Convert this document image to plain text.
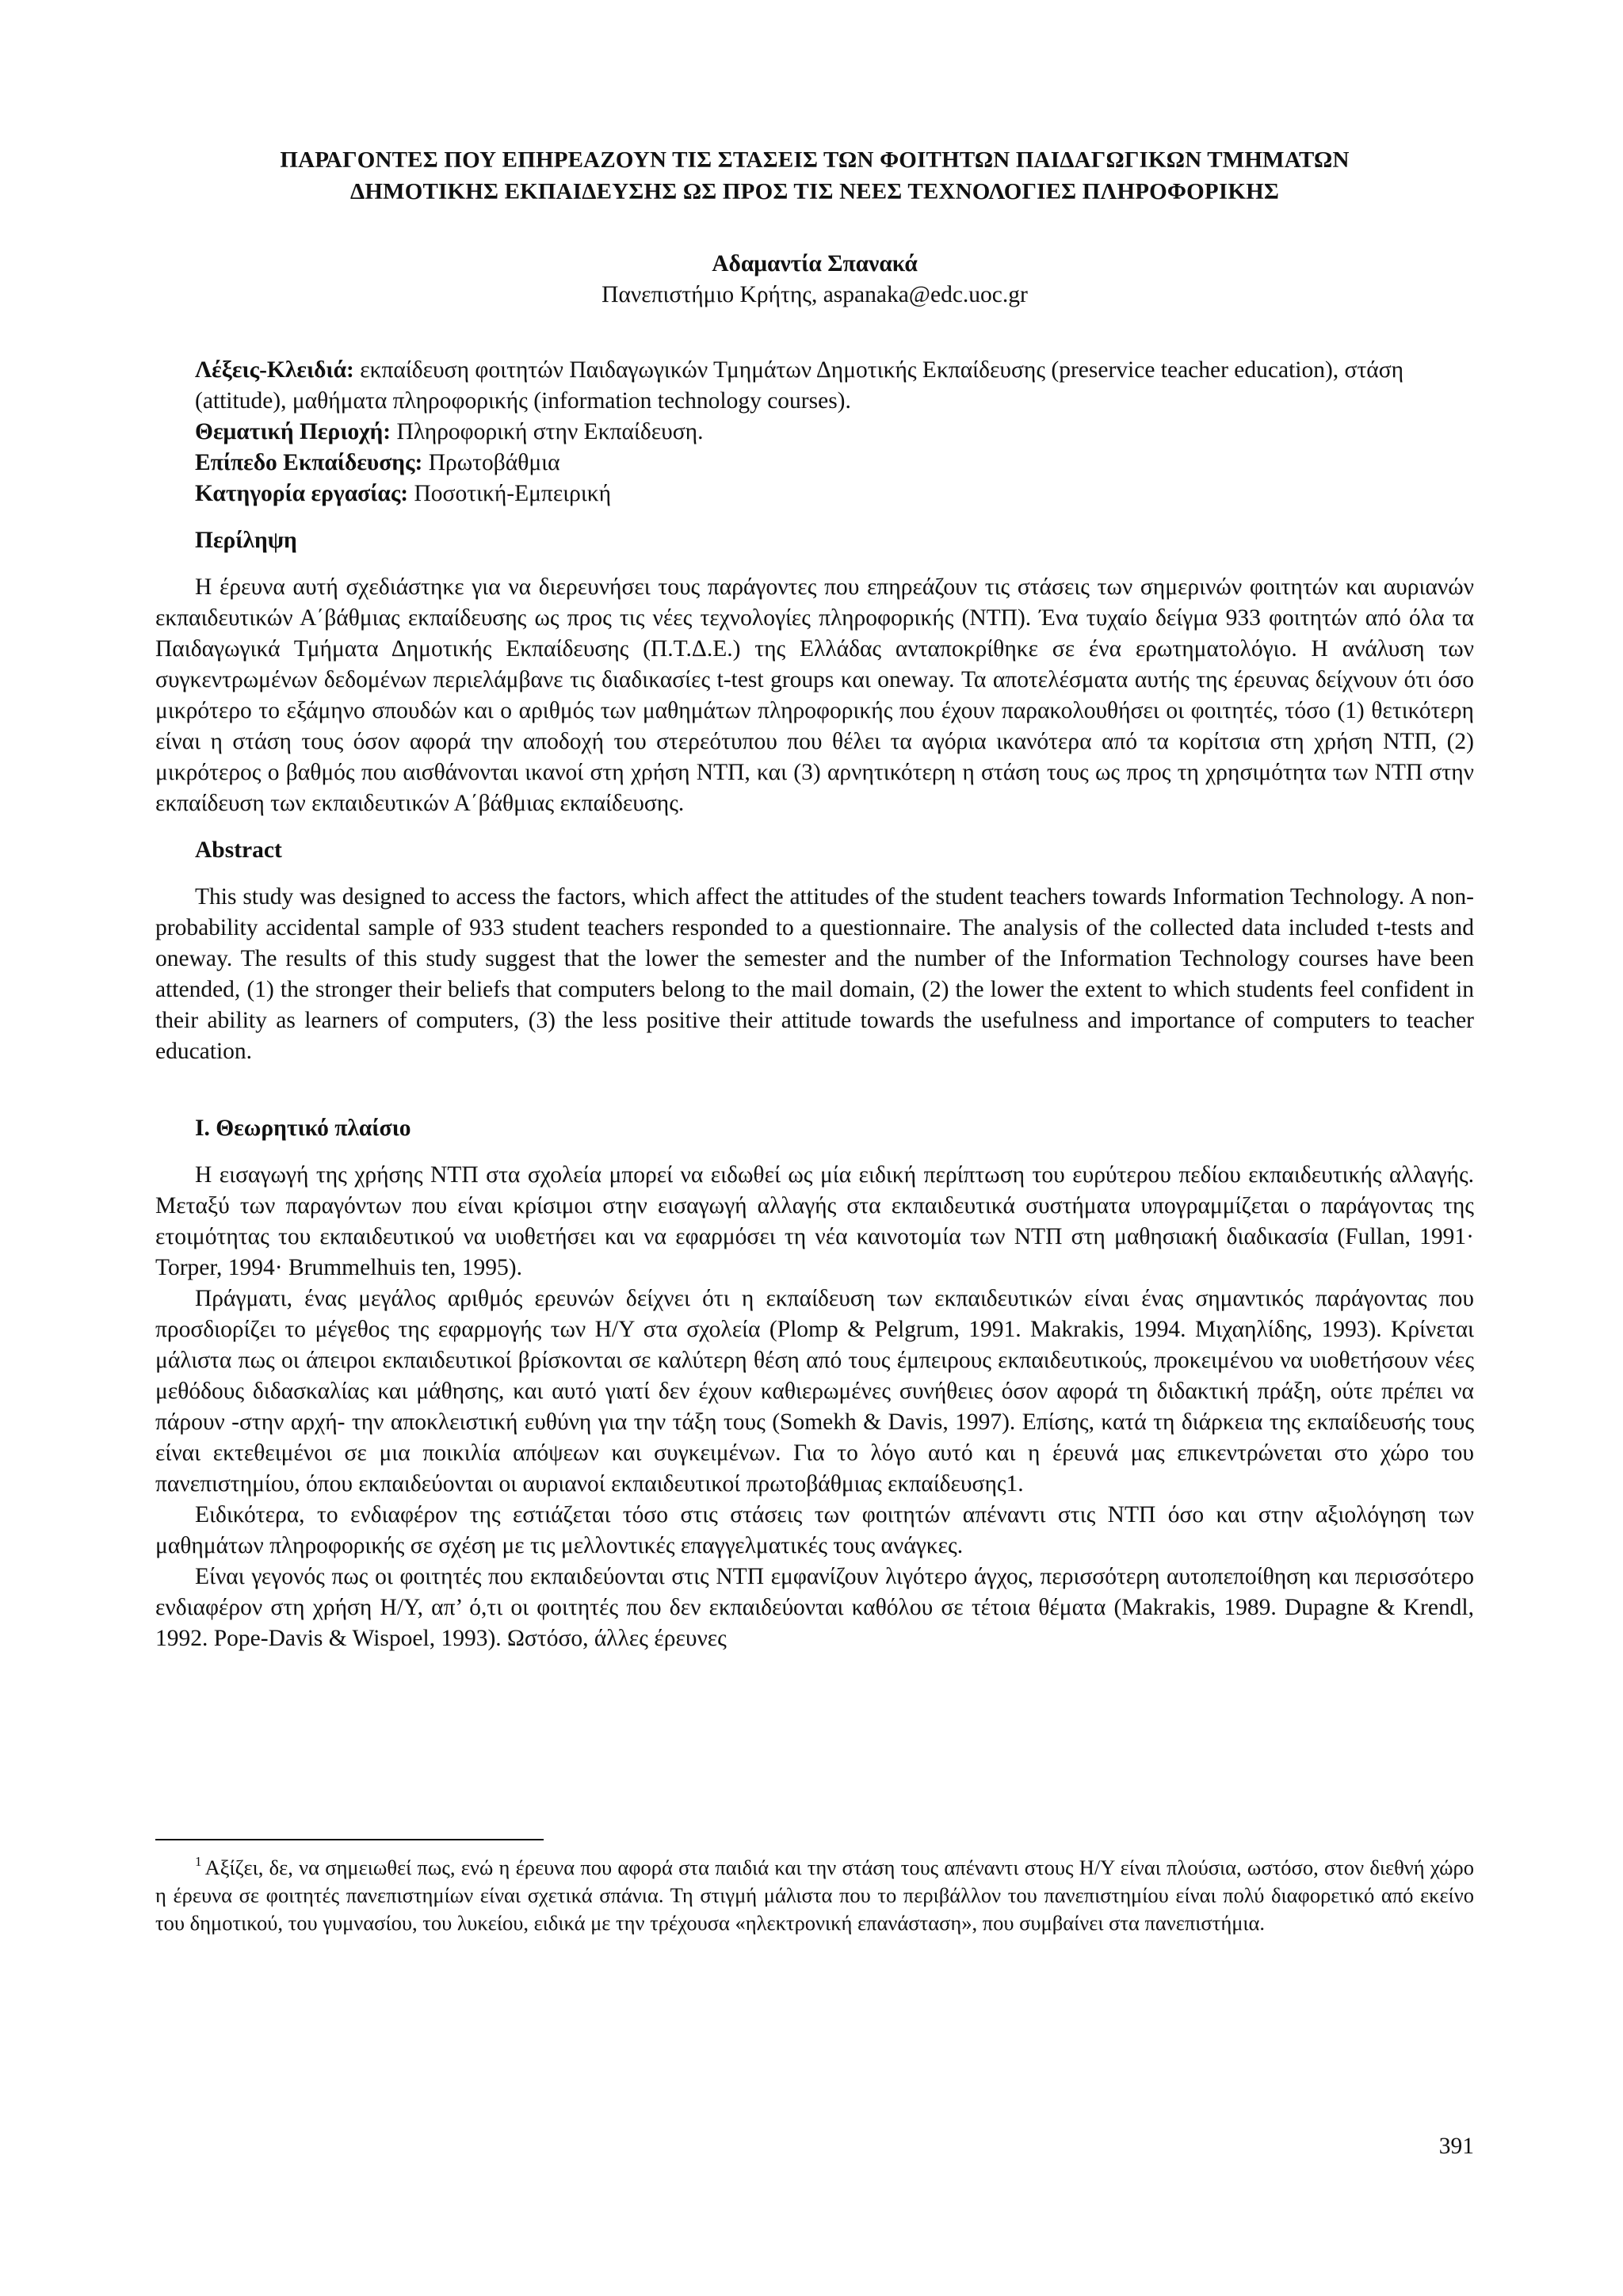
ΠΑΡΑΓΟΝΤΕΣ ΠΟΥ ΕΠΗΡΕΑΖΟΥΝ ΤΙΣ ΣΤΑΣΕΙΣ ΤΩΝ ΦΟΙΤΗΤΩΝ ΠΑΙΔΑΓΩΓΙΚΩΝ ΤΜΗΜΑΤΩΝ
ΔΗΜΟΤΙΚΗΣ ΕΚΠΑΙΔΕΥΣΗΣ ΩΣ ΠΡΟΣ ΤΙΣ ΝΕΕΣ ΤΕΧΝΟΛΟΓΙΕΣ ΠΛΗΡΟΦΟΡΙΚΗΣ
Αδαμαντία Σπανακά
Πανεπιστήμιο Κρήτης, aspanaka@edc.uoc.gr

Λέξεις-Κλειδιά: εκπαίδευση φοιτητών Παιδαγωγικών Τμημάτων Δημοτικής Εκπαίδευσης (preservice teacher education), στάση (attitude), μαθήματα πληροφορικής (information technology courses).

Θεματική Περιοχή: Πληροφορική στην Εκπαίδευση.

Επίπεδο Εκπαίδευσης: Πρωτοβάθμια

Κατηγορία εργασίας: Ποσοτική-Εμπειρική

Περίληψη

Η έρευνα αυτή σχεδιάστηκε για να διερευνήσει τους παράγοντες που επηρεάζουν τις στάσεις των σημερινών φοιτητών και αυριανών εκπαιδευτικών Α΄βάθμιας εκπαίδευσης ως προς τις νέες τεχνολογίες πληροφορικής (ΝΤΠ). Ένα τυχαίο δείγμα 933 φοιτητών από όλα τα Παιδαγωγικά Τμήματα Δημοτικής Εκπαίδευσης (Π.Τ.Δ.Ε.) της Ελλάδας ανταποκρίθηκε σε ένα ερωτηματολόγιο. Η ανάλυση των συγκεντρωμένων δεδομένων περιελάμβανε τις διαδικασίες t-test groups και oneway. Τα αποτελέσματα αυτής της έρευνας δείχνουν ότι όσο μικρότερο το εξάμηνο σπουδών και ο αριθμός των μαθημάτων πληροφορικής που έχουν παρακολουθήσει οι φοιτητές, τόσο (1) θετικότερη είναι η στάση τους όσον αφορά την αποδοχή του στερεότυπου που θέλει τα αγόρια ικανότερα από τα κορίτσια στη χρήση ΝΤΠ, (2) μικρότερος ο βαθμός που αισθάνονται ικανοί στη χρήση ΝΤΠ, και (3) αρνητικότερη η στάση τους ως προς τη χρησιμότητα των ΝΤΠ στην εκπαίδευση των εκπαιδευτικών Α΄βάθμιας εκπαίδευσης.

Abstract

This study was designed to access the factors, which affect the attitudes of the student teachers towards Information Technology. A non-probability accidental sample of 933 student teachers responded to a questionnaire. The analysis of the collected data included t-tests and oneway. The results of this study suggest that the lower the semester and the number of the Information Technology courses have been attended, (1) the stronger their beliefs that computers belong to the mail domain, (2) the lower the extent to which students feel confident in their ability as learners of computers, (3) the less positive their attitude towards the usefulness and importance of computers to teacher education.

Ι. Θεωρητικό πλαίσιο

Η εισαγωγή της χρήσης ΝΤΠ στα σχολεία μπορεί να ειδωθεί ως μία ειδική περίπτωση του ευρύτερου πεδίου εκπαιδευτικής αλλαγής. Μεταξύ των παραγόντων που είναι κρίσιμοι στην εισαγωγή αλλαγής στα εκπαιδευτικά συστήματα υπογραμμίζεται ο παράγοντας της ετοιμότητας του εκπαιδευτικού να υιοθετήσει και να εφαρμόσει τη νέα καινοτομία των ΝΤΠ στη μαθησιακή διαδικασία (Fullan, 1991· Torper, 1994· Brummelhuis ten, 1995).

Πράγματι, ένας μεγάλος αριθμός ερευνών δείχνει ότι η εκπαίδευση των εκπαιδευτικών είναι ένας σημαντικός παράγοντας που προσδιορίζει το μέγεθος της εφαρμογής των Η/Υ στα σχολεία (Plomp & Pelgrum, 1991. Makrakis, 1994. Μιχαηλίδης, 1993). Κρίνεται μάλιστα πως οι άπειροι εκπαιδευτικοί βρίσκονται σε καλύτερη θέση από τους έμπειρους εκπαιδευτικούς, προκειμένου να υιοθετήσουν νέες μεθόδους διδασκαλίας και μάθησης, και αυτό γιατί δεν έχουν καθιερωμένες συνήθειες όσον αφορά τη διδακτική πράξη, ούτε πρέπει να πάρουν -στην αρχή- την αποκλειστική ευθύνη για την τάξη τους (Somekh & Davis, 1997). Επίσης, κατά τη διάρκεια της εκπαίδευσής τους είναι εκτεθειμένοι σε μια ποικιλία απόψεων και συγκειμένων. Για το λόγο αυτό και η έρευνά μας επικεντρώνεται στο χώρο του πανεπιστημίου, όπου εκπαιδεύονται οι αυριανοί εκπαιδευτικοί πρωτοβάθμιας εκπαίδευσης1.

Ειδικότερα, το ενδιαφέρον της εστιάζεται τόσο στις στάσεις των φοιτητών απέναντι στις ΝΤΠ όσο και στην αξιολόγηση των μαθημάτων πληροφορικής σε σχέση με τις μελλοντικές επαγγελματικές τους ανάγκες.

Είναι γεγονός πως οι φοιτητές που εκπαιδεύονται στις ΝΤΠ εμφανίζουν λιγότερο άγχος, περισσότερη αυτοπεποίθηση και περισσότερο ενδιαφέρον στη χρήση Η/Υ, απ’ ό,τι οι φοιτητές που δεν εκπαιδεύονται καθόλου σε τέτοια θέματα (Makrakis, 1989. Dupagne & Krendl, 1992. Pope-Davis & Wispoel, 1993). Ωστόσο, άλλες έρευνες

$^1$ Αξίζει, δε, να σημειωθεί πως, ενώ η έρευνα που αφορά στα παιδιά και την στάση τους απέναντι στους Η/Υ είναι πλούσια, ωστόσο, στον διεθνή χώρο η έρευνα σε φοιτητές πανεπιστημίων είναι σχετικά σπάνια. Τη στιγμή μάλιστα που το περιβάλλον του πανεπιστημίου είναι πολύ διαφορετικό από εκείνο του δημοτικού, του γυμνασίου, του λυκείου, ειδικά με την τρέχουσα «ηλεκτρονική επανάσταση», που συμβαίνει στα πανεπιστήμια.
391
